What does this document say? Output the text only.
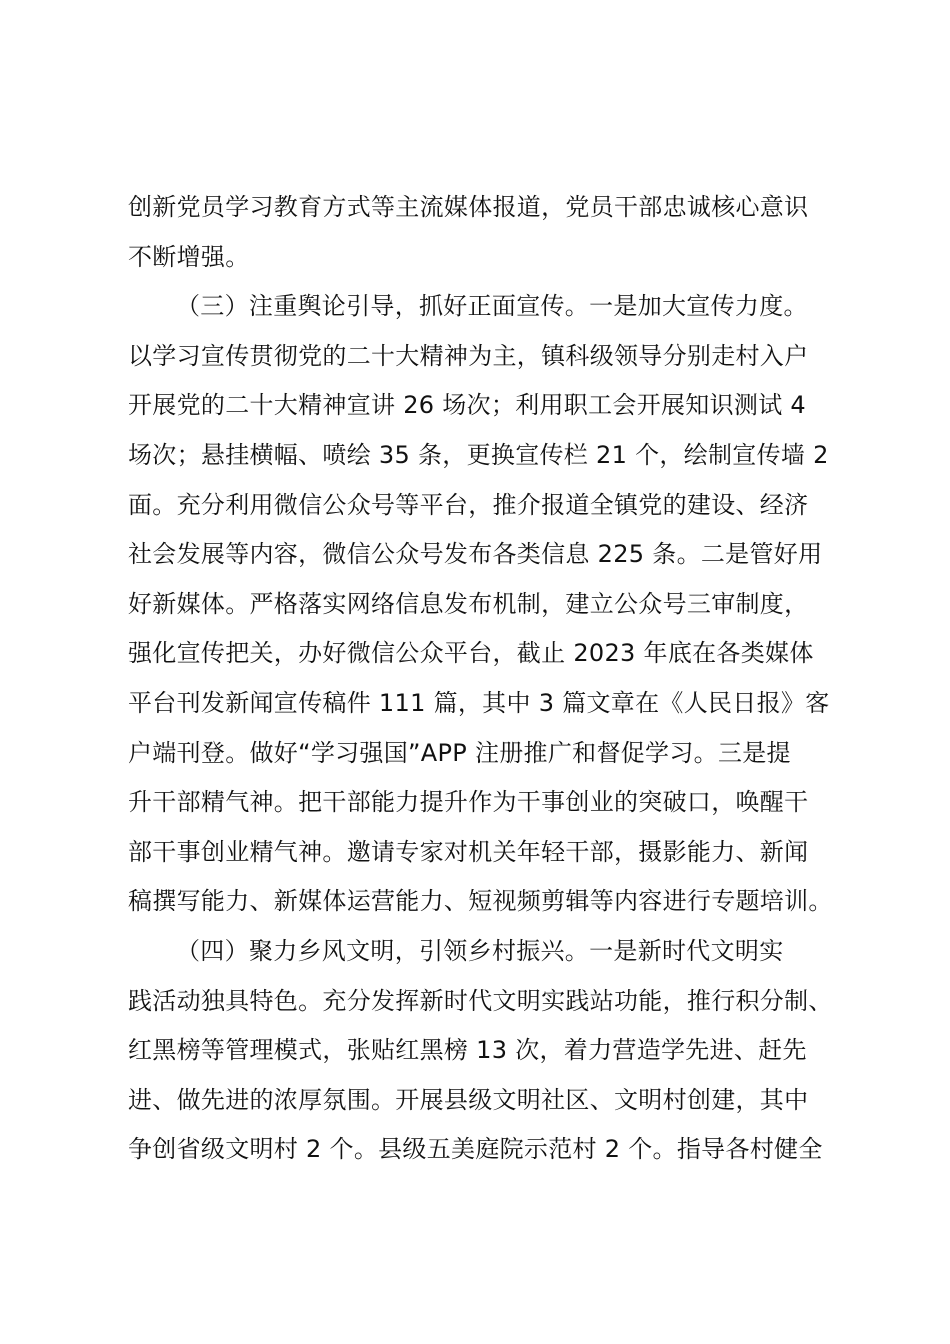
创新党员学习教育方式等主流媒体报道，党员干部忠诚核心意识
不断增强。
（三）注重舆论引导，抓好正面宣传。一是加大宣传力度。
以学习宣传贯彻党的二十大精神为主，镇科级领导分别走村入户
开展党的二十大精神宣讲 26 场次；利用职工会开展知识测试 4
场次；悬挂横幅、喷绘 35 条，更换宣传栏 21 个，绘制宣传墙 2
面。充分利用微信公众号等平台，推介报道全镇党的建设、经济
社会发展等内容，微信公众号发布各类信息 225 条。二是管好用
好新媒体。严格落实网络信息发布机制，建立公众号三审制度，
强化宣传把关，办好微信公众平台，截止 2023 年底在各类媒体
平台刊发新闻宣传稿件 111 篇，其中 3 篇文章在《人民日报》客
户端刊登。做好“学习强国”APP 注册推广和督促学习。三是提
升干部精气神。把干部能力提升作为干事创业的突破口，唤醒干
部干事创业精气神。邀请专家对机关年轻干部，摄影能力、新闻
稿撰写能力、新媒体运营能力、短视频剪辑等内容进行专题培训。
（四）聚力乡风文明，引领乡村振兴。一是新时代文明实
践活动独具特色。充分发挥新时代文明实践站功能，推行积分制、
红黑榜等管理模式，张贴红黑榜 13 次，着力营造学先进、赶先
进、做先进的浓厚氛围。开展县级文明社区、文明村创建，其中
争创省级文明村 2 个。县级五美庭院示范村 2 个。指导各村健全
